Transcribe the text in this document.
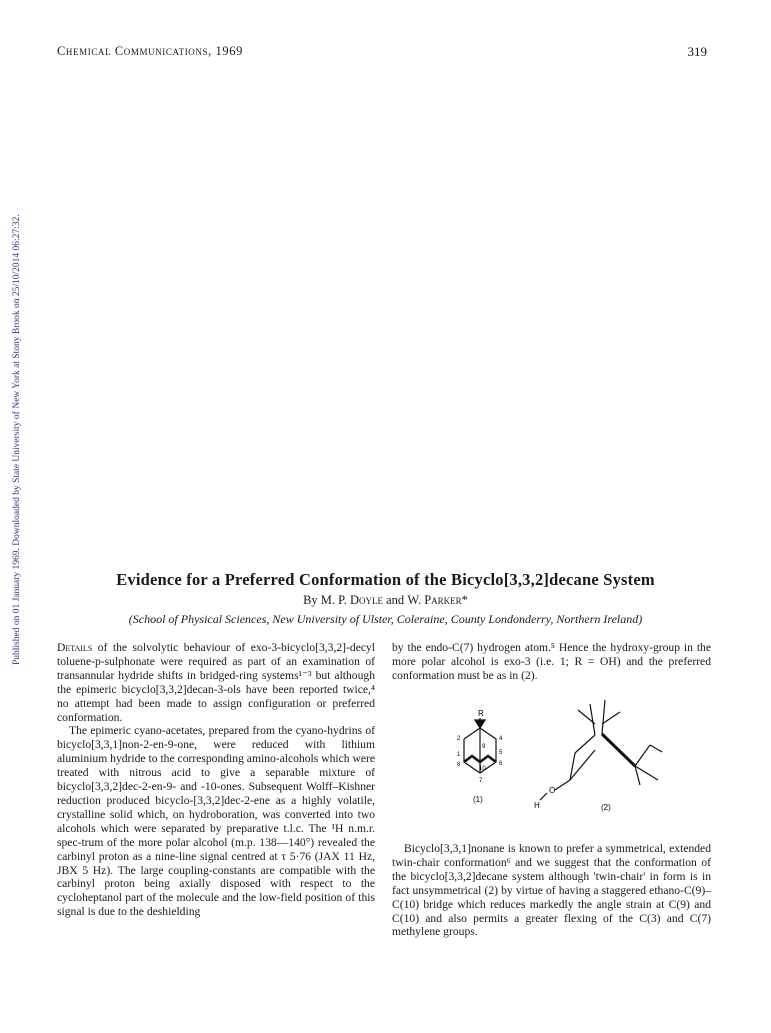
Chemical Communications, 1969	319
Published on 01 January 1969. Downloaded by State University of New York at Stony Brook on 25/10/2014 06:27:32.	Evidence for a Preferred Conformation of the Bicyclo[3,3,2]decane System
By M. P. Doyle and W. Parker*
(School of Physical Sciences, New University of Ulster, Coleraine, County Londonderry, Northern Ireland)

Details of the solvolytic behaviour of exo-3-bicyclo[3,3,2]-decyl toluene-p-sulphonate were required as part of an examination of transannular hydride shifts in bridged-ring systems¹⁻³ but although the epimeric bicyclo[3,3,2]decan-3-ols have been reported twice,⁴ no attempt had been made to assign configuration or preferred conformation.

The epimeric cyano-acetates, prepared from the cyano-hydrins of bicyclo[3,3,1]non-2-en-9-one, were reduced with lithium aluminium hydride to the corresponding amino-alcohols which were treated with nitrous acid to give a separable mixture of bicyclo[3,3,2]dec-2-en-9- and -10-ones. Subsequent Wolff–Kishner reduction produced bicyclo-[3,3,2]dec-2-ene as a highly volatile, crystalline solid which, on hydroboration, was converted into two alcohols which were separated by preparative t.l.c. The ¹H n.m.r. spec-trum of the more polar alcohol (m.p. 138—140°) revealed the carbinyl proton as a nine-line signal centred at τ 5·76 (JAX 11 Hz, JBX 5 Hz). The large coupling-constants are compatible with the carbinyl proton being axially disposed with respect to the cycloheptanol part of the molecule and the low-field position of this signal is due to the deshielding

by the endo-C(7) hydrogen atom.⁵ Hence the hydroxy-group in the more polar alcohol is exo-3 (i.e. 1; R = OH) and the preferred conformation must be as in (2).

R
2
1
4
5
6
8
7
9
10
(1)
O
H	(2)

Bicyclo[3,3,1]nonane is known to prefer a symmetrical, extended twin-chair conformation⁶ and we suggest that the conformation of the bicyclo[3,3,2]decane system although 'twin-chair' in form is in fact unsymmetrical (2) by virtue of having a staggered ethano-C(9)–C(10) bridge which reduces markedly the angle strain at C(9) and C(10) and also permits a greater flexing of the C(3) and C(7) methylene groups.
